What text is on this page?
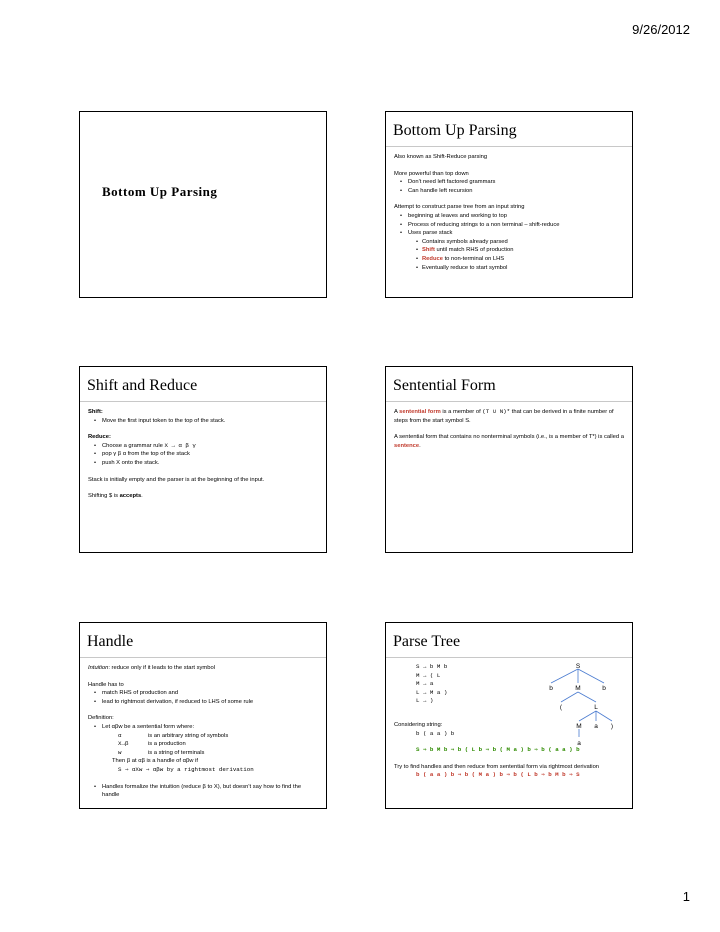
9/26/2012
Bottom Up Parsing
Bottom Up Parsing
Also known as Shift-Reduce parsing
More powerful than top down
• Don't need left factored grammars
• Can handle left recursion
Attempt to construct parse tree from an input string
• beginning at leaves and working to top
• Process of reducing strings to a non terminal – shift-reduce
• Uses parse stack
• Contains symbols already parsed
• Shift until match RHS of production
• Reduce to non-terminal on LHS
• Eventually reduce to start symbol
Shift and Reduce
Shift:
• Move the first input token to the top of the stack.
Reduce:
• Choose a grammar rule X → α β γ
• pop γ β α from the top of the stack
• push X onto the stack.
Stack is initially empty and the parser is at the beginning of the input.
Shifting $ is accepts.
Sentential Form
A sentential form is a member of (T ∪ N)* that can be derived in a finite number of steps from the start symbol S.
A sentential form that contains no nonterminal symbols (i.e., is a member of T*) is called a sentence.
Handle
Intuition: reduce only if it leads to the start symbol
Handle has to
• match RHS of production and
• lead to rightmost derivation, if reduced to LHS of some rule
Definition:
• Let αβw be a sentential form where:
α	is an arbitrary string of symbols
X→β	is a production
w	is a string of terminals
Then β at αβ is a handle of αβw if
S ⇒ αXw ⇒ αβw by a rightmost derivation
• Handles formalize the intuition (reduce β to X), but doesn't say how to find the handle
Parse Tree
S → b M b
M → ( L
M → a
L → M a )
L → )
S
b	M	b
(	L
M a )
a
Considering string:
b ( a a ) b
S ⇒ b M b ⇒ b ( L b ⇒ b ( M a ) b ⇒ b ( a a ) b
Try to find handles and then reduce from sentential form via rightmost derivation
b ( a a ) b ⇒ b ( M a ) b ⇒ b ( L b ⇒ b M b ⇒ S
1
